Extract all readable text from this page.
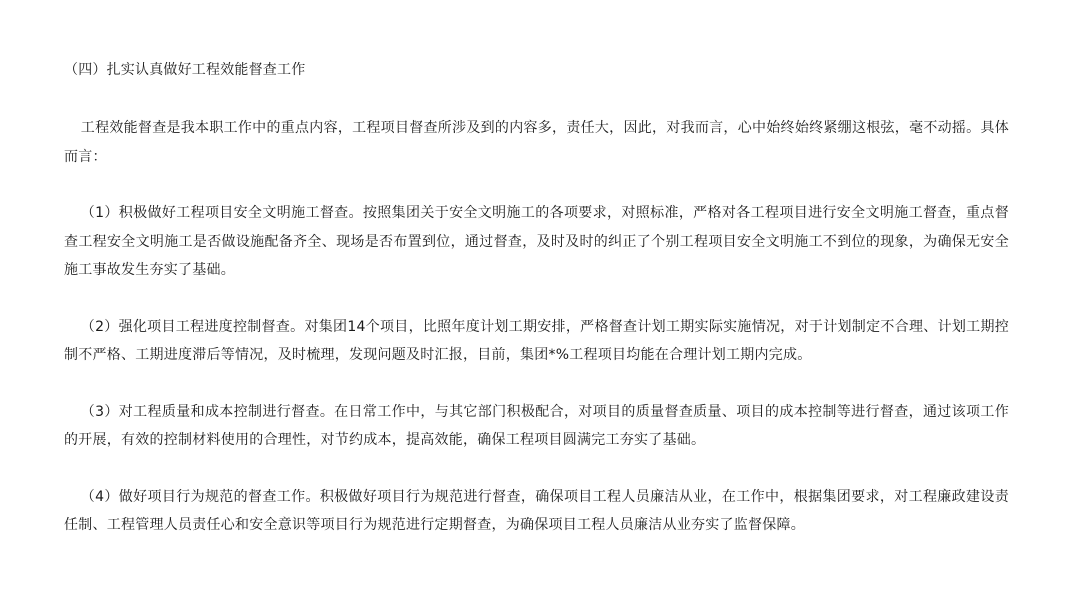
（四）扎实认真做好工程效能督查工作

工程效能督查是我本职工作中的重点内容，工程项目督查所涉及到的内容多，责任大，因此，对我而言，心中始终始终紧绷这根弦，毫不动摇。具体而言：

（1）积极做好工程项目安全文明施工督查。按照集团关于安全文明施工的各项要求，对照标准，严格对各工程项目进行安全文明施工督查，重点督查工程安全文明施工是否做设施配备齐全、现场是否布置到位，通过督查，及时及时的纠正了个别工程项目安全文明施工不到位的现象，为确保无安全施工事故发生夯实了基础。

（2）强化项目工程进度控制督查。对集团14个项目，比照年度计划工期安排，严格督查计划工期实际实施情况，对于计划制定不合理、计划工期控制不严格、工期进度滞后等情况，及时梳理，发现问题及时汇报，目前，集团*%工程项目均能在合理计划工期内完成。

（3）对工程质量和成本控制进行督查。在日常工作中，与其它部门积极配合，对项目的质量督查质量、项目的成本控制等进行督查，通过该项工作的开展，有效的控制材料使用的合理性，对节约成本，提高效能，确保工程项目圆满完工夯实了基础。

（4）做好项目行为规范的督查工作。积极做好项目行为规范进行督查，确保项目工程人员廉洁从业，在工作中，根据集团要求，对工程廉政建设责任制、工程管理人员责任心和安全意识等项目行为规范进行定期督查，为确保项目工程人员廉洁从业夯实了监督保障。
